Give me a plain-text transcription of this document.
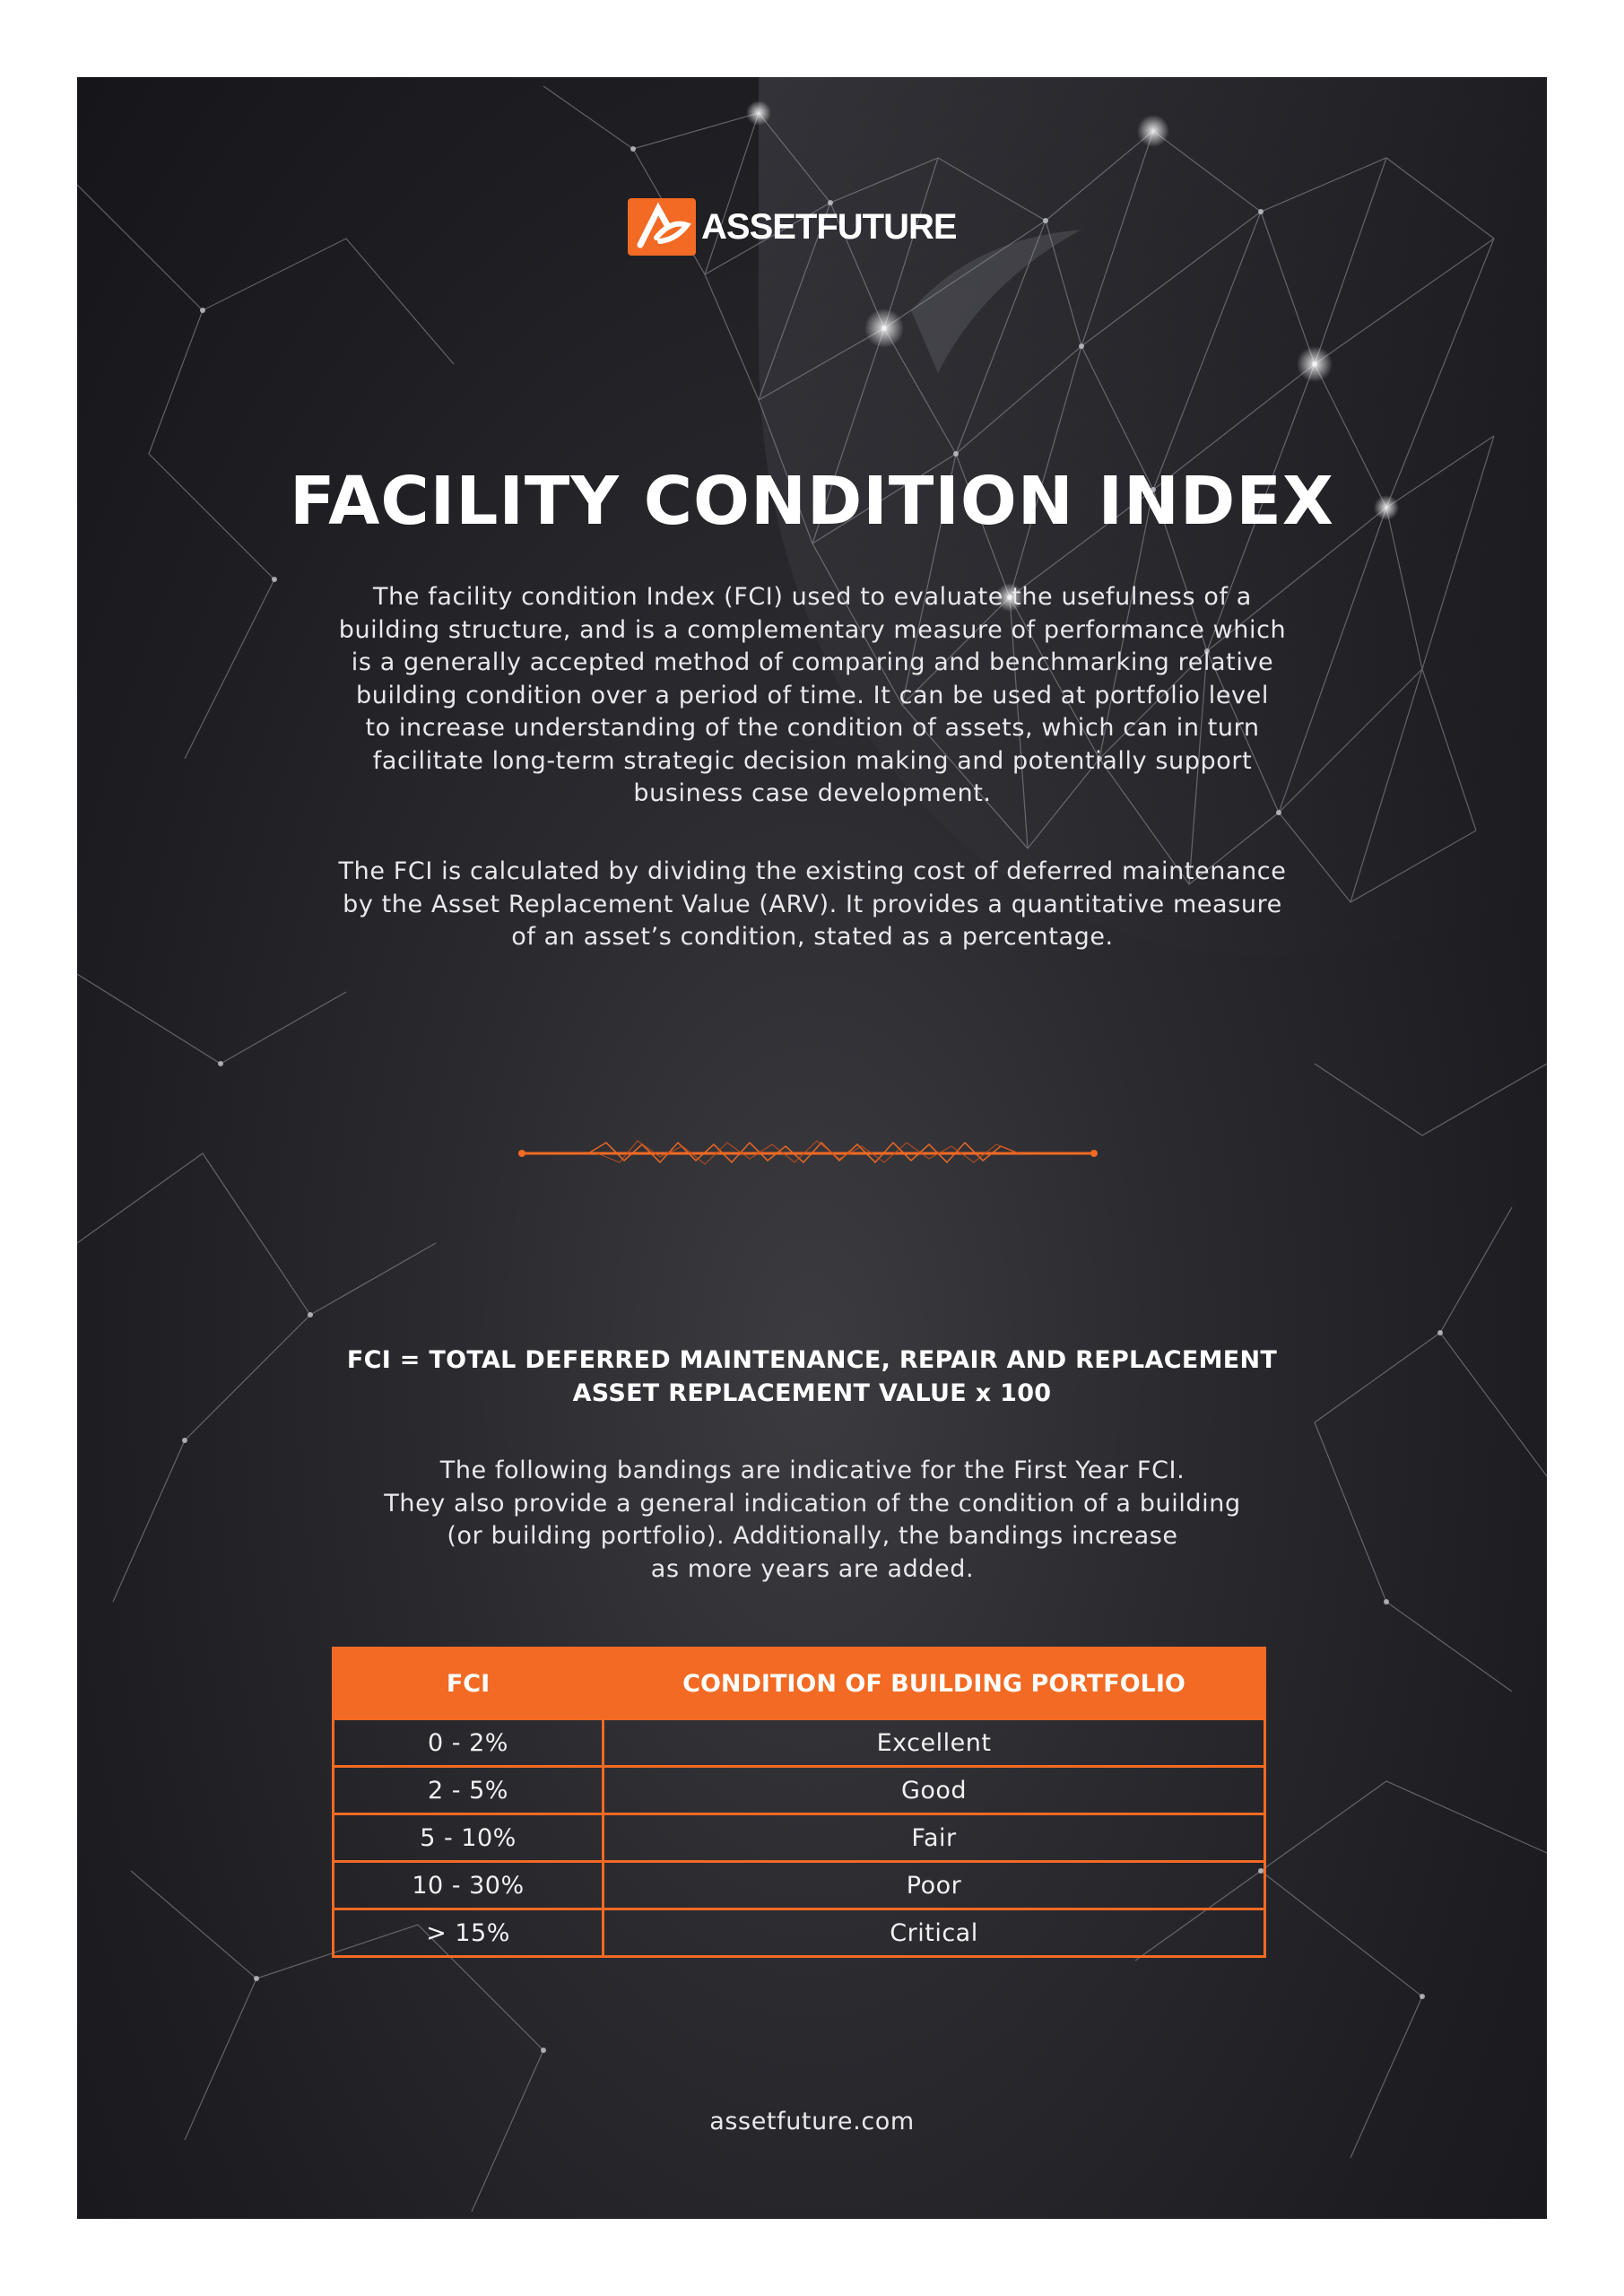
ASSETFUTURE
FACILITY CONDITION INDEX

The facility condition Index (FCI) used to evaluate the usefulness of a
building structure, and is a complementary measure of performance which
is a generally accepted method of comparing and benchmarking relative
building condition over a period of time. It can be used at portfolio level
to increase understanding of the condition of assets, which can in turn
facilitate long-term strategic decision making and potentially support
business case development.

The FCI is calculated by dividing the existing cost of deferred maintenance
by the Asset Replacement Value (ARV). It provides a quantitative measure
of an asset’s condition, stated as a percentage.

FCI = TOTAL DEFERRED MAINTENANCE, REPAIR AND REPLACEMENT
ASSET REPLACEMENT VALUE x 100

The following bandings are indicative for the First Year FCI.
They also provide a general indication of the condition of a building
(or building portfolio). Additionally, the bandings increase
as more years are added.

FCI	CONDITION OF BUILDING PORTFOLIO
0 - 2%	Excellent
2 - 5%	Good
5 - 10%	Fair
10 - 30%	Poor
> 15%	Critical
assetfuture.com
